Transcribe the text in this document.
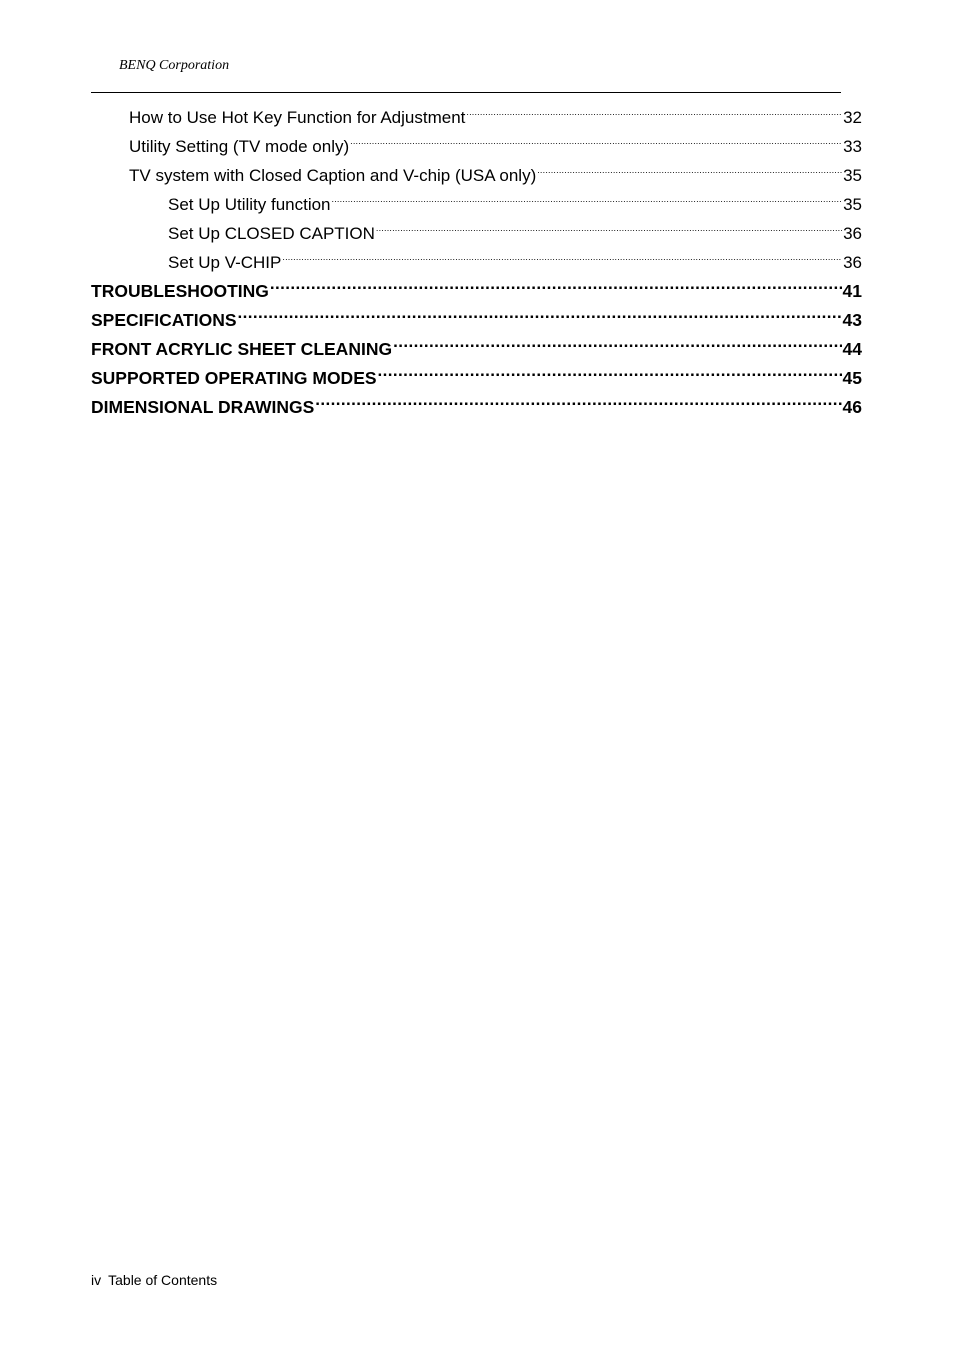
BENQ Corporation
How to Use Hot Key Function for Adjustment .....	32
Utility Setting (TV mode only) .....	33
TV system with Closed Caption and V-chip (USA only) .....	35
Set Up Utility function .....	35
Set Up CLOSED CAPTION .....	36
Set Up V-CHIP .....	36
TROUBLESHOOTING .....	41
SPECIFICATIONS .....	43
FRONT ACRYLIC SHEET CLEANING .....	44
SUPPORTED OPERATING MODES .....	45
DIMENSIONAL DRAWINGS .....	46
iv Table of Contents
